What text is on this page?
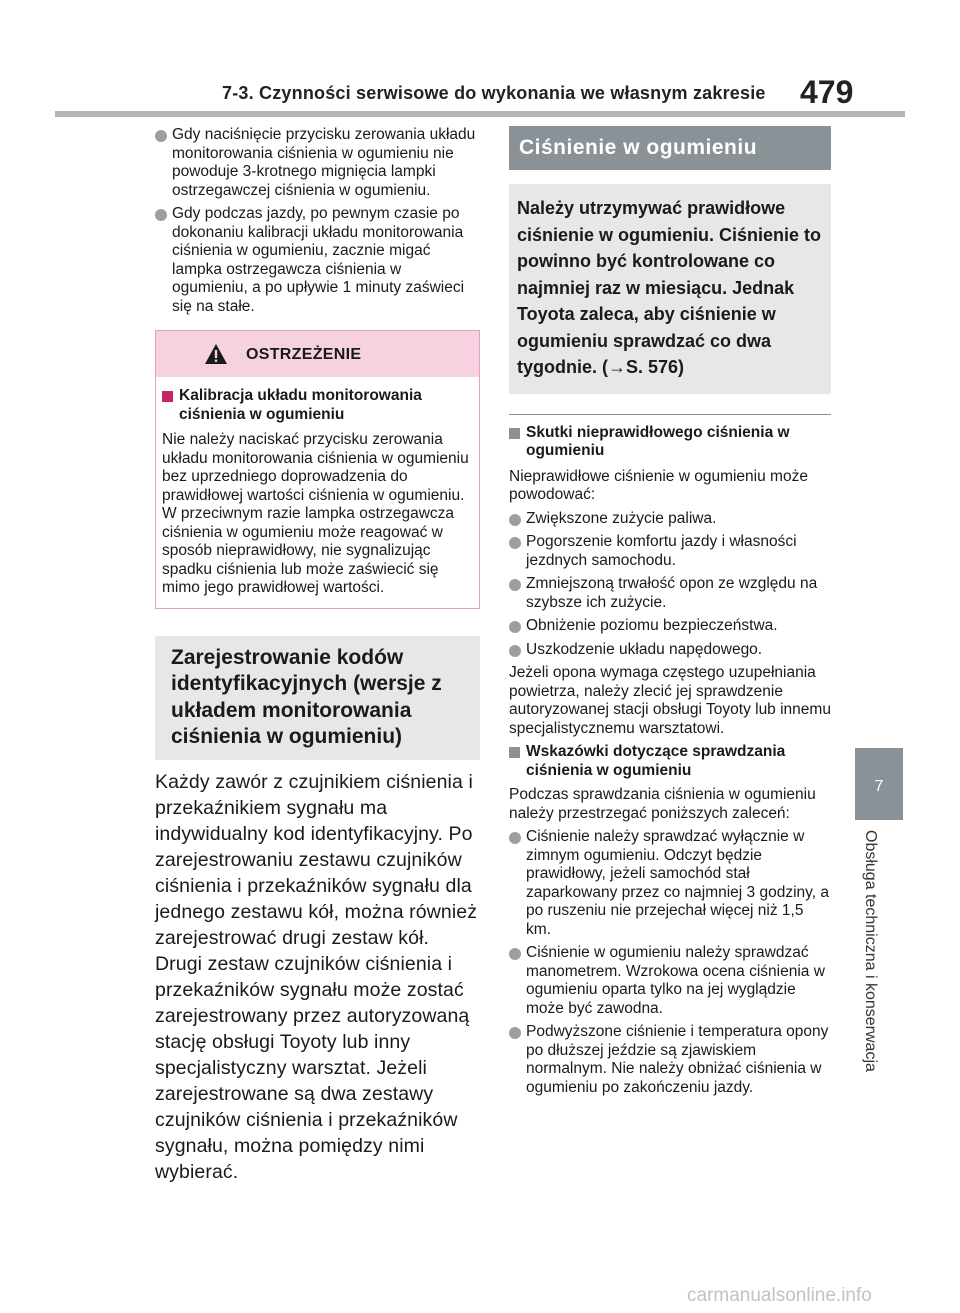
7-3. Czynności serwisowe do wykonania we własnym zakresie 479
7
Obsługa techniczna i konserwacja
Gdy naciśnięcie przycisku zerowania układu monitorowania ciśnienia w ogumieniu nie powoduje 3-krotnego mignięcia lampki ostrzegawczej ciśnienia w ogumieniu.
Gdy podczas jazdy, po pewnym czasie po dokonaniu kalibracji układu monitorowania ciśnienia w ogumieniu, zacznie migać lampka ostrzegawcza ciśnienia w ogumieniu, a po upływie 1 minuty zaświeci się na stałe.
OSTRZEŻENIE
Kalibracja układu monitorowania ciśnienia w ogumieniu
Nie należy naciskać przycisku zerowania układu monitorowania ciśnienia w ogumieniu bez uprzedniego doprowadzenia do prawidłowej wartości ciśnienia w ogumieniu.
W przeciwnym razie lampka ostrzegawcza ciśnienia w ogumieniu może reagować w sposób nieprawidłowy, nie sygnalizując spadku ciśnienia lub może zaświecić się mimo jego prawidłowej wartości.
Zarejestrowanie kodów identyfikacyjnych (wersje z układem monitorowania ciśnienia w ogumieniu)
Każdy zawór z czujnikiem ciśnienia i przekaźnikiem sygnału ma indywidualny kod identyfikacyjny. Po zarejestrowaniu zestawu czujników ciśnienia i przekaźników sygnału dla jednego zestawu kół, można również zarejestrować drugi zestaw kół. Drugi zestaw czujników ciśnienia i przekaźników sygnału może zostać zarejestrowany przez autoryzowaną stację obsługi Toyoty lub inny specjalistyczny warsztat. Jeżeli zarejestrowane są dwa zestawy czujników ciśnienia i przekaźników sygnału, można pomiędzy nimi wybierać.
Ciśnienie w ogumieniu
Należy utrzymywać prawidłowe ciśnienie w ogumieniu. Ciśnienie to powinno być kontrolowane co najmniej raz w miesiącu. Jednak Toyota zaleca, aby ciśnienie w ogumieniu sprawdzać co dwa tygodnie. (→S. 576)
Skutki nieprawidłowego ciśnienia w ogumieniu
Nieprawidłowe ciśnienie w ogumieniu może powodować:
Zwiększone zużycie paliwa.
Pogorszenie komfortu jazdy i własności jezdnych samochodu.
Zmniejszoną trwałość opon ze względu na szybsze ich zużycie.
Obniżenie poziomu bezpieczeństwa.
Uszkodzenie układu napędowego.
Jeżeli opona wymaga częstego uzupełniania powietrza, należy zlecić jej sprawdzenie autoryzowanej stacji obsługi Toyoty lub innemu specjalistycznemu warsztatowi.
Wskazówki dotyczące sprawdzania ciśnienia w ogumieniu
Podczas sprawdzania ciśnienia w ogumieniu należy przestrzegać poniższych zaleceń:
Ciśnienie należy sprawdzać wyłącznie w zimnym ogumieniu. Odczyt będzie prawidłowy, jeżeli samochód stał zaparkowany przez co najmniej 3 godziny, a po ruszeniu nie przejechał więcej niż 1,5 km.
Ciśnienie w ogumieniu należy sprawdzać manometrem. Wzrokowa ocena ciśnienia w ogumieniu oparta tylko na jej wyglądzie może być zawodna.
Podwyższone ciśnienie i temperatura opony po dłuższej jeździe są zjawiskiem normalnym. Nie należy obniżać ciśnienia w ogumieniu po zakończeniu jazdy.
carmanualsonline.info
